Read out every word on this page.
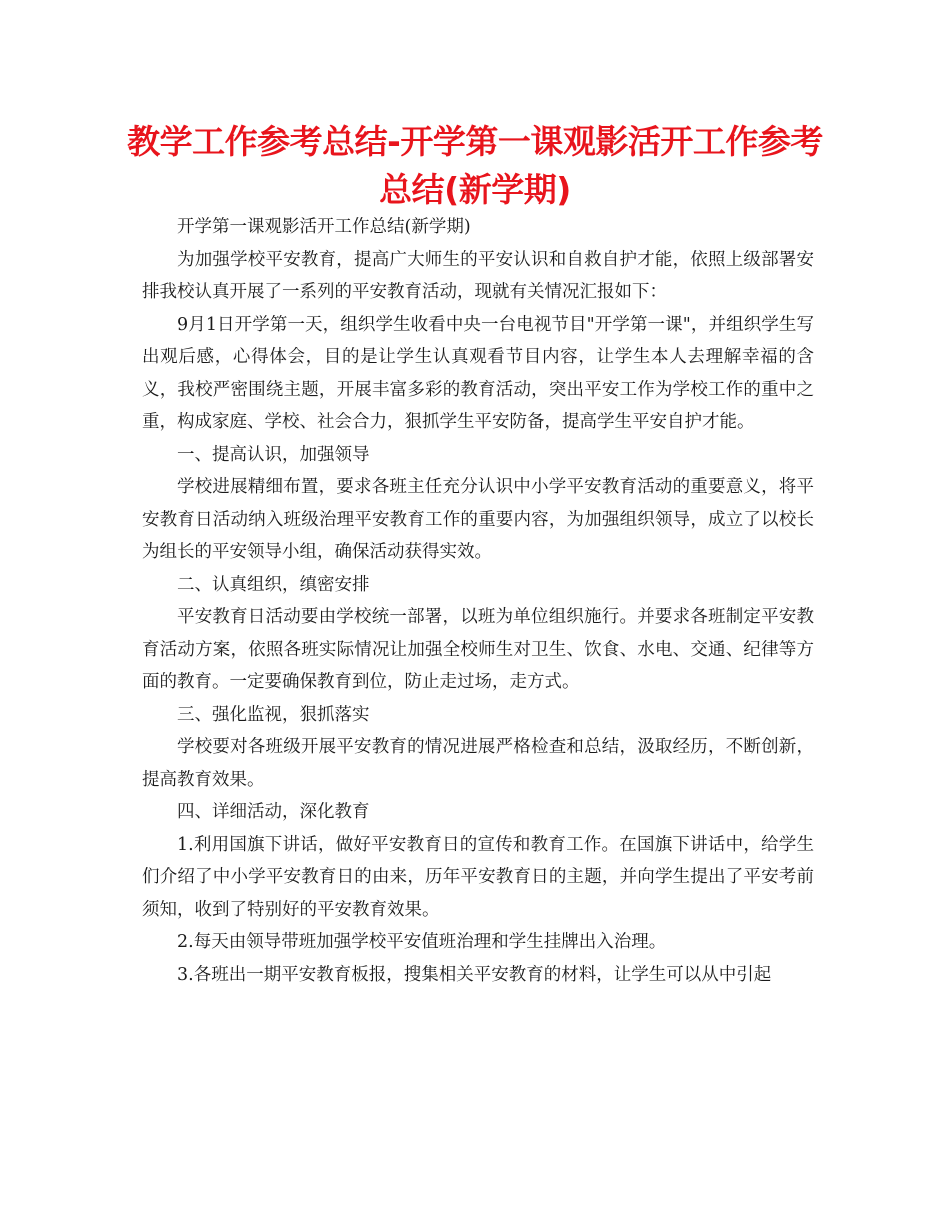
教学工作参考总结-开学第一课观影活开工作参考总结(新学期)

开学第一课观影活开工作总结(新学期)

为加强学校平安教育，提高广大师生的平安认识和自救自护才能，依照上级部署安排我校认真开展了一系列的平安教育活动，现就有关情况汇报如下：

9月1日开学第一天，组织学生收看中央一台电视节目"开学第一课"，并组织学生写出观后感，心得体会，目的是让学生认真观看节目内容，让学生本人去理解幸福的含义，我校严密围绕主题，开展丰富多彩的教育活动，突出平安工作为学校工作的重中之重，构成家庭、学校、社会合力，狠抓学生平安防备，提高学生平安自护才能。

一、提高认识，加强领导

学校进展精细布置，要求各班主任充分认识中小学平安教育活动的重要意义，将平安教育日活动纳入班级治理平安教育工作的重要内容，为加强组织领导，成立了以校长为组长的平安领导小组，确保活动获得实效。

二、认真组织，缜密安排

平安教育日活动要由学校统一部署，以班为单位组织施行。并要求各班制定平安教育活动方案，依照各班实际情况让加强全校师生对卫生、饮食、水电、交通、纪律等方面的教育。一定要确保教育到位，防止走过场，走方式。

三、强化监视，狠抓落实

学校要对各班级开展平安教育的情况进展严格检查和总结，汲取经历，不断创新，提高教育效果。

四、详细活动，深化教育

1.利用国旗下讲话，做好平安教育日的宣传和教育工作。在国旗下讲话中，给学生们介绍了中小学平安教育日的由来，历年平安教育日的主题，并向学生提出了平安考前须知，收到了特别好的平安教育效果。

2.每天由领导带班加强学校平安值班治理和学生挂牌出入治理。

3.各班出一期平安教育板报，搜集相关平安教育的材料，让学生可以从中引起
